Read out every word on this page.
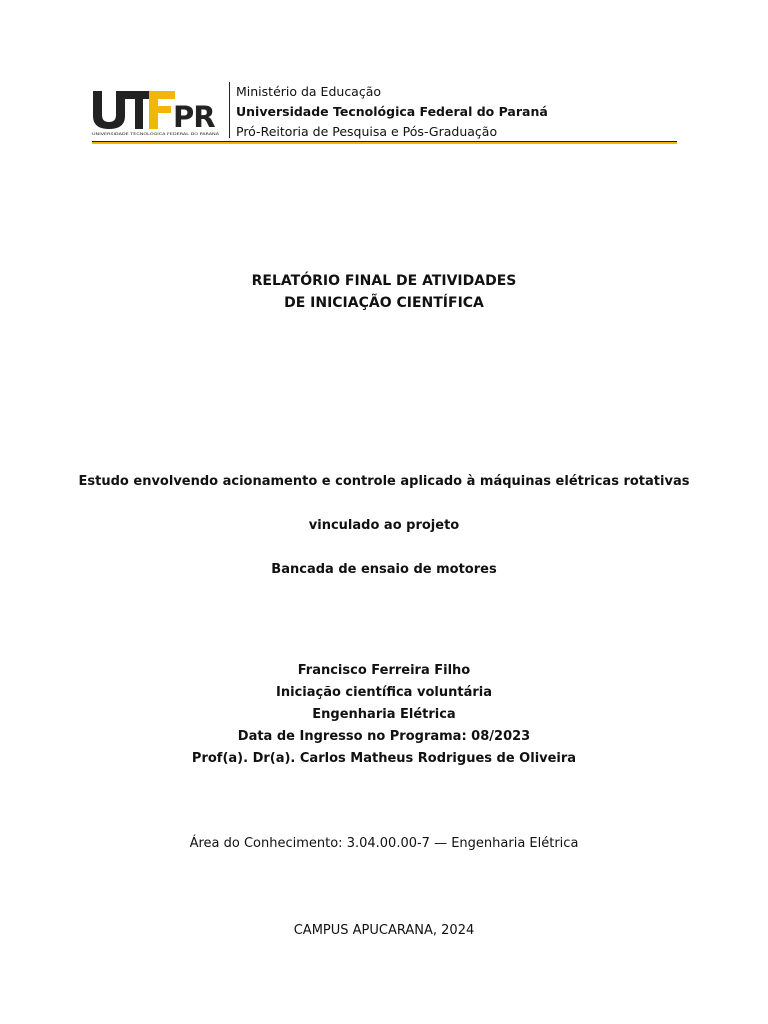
PR
UNIVERSIDADE TECNOLÓGICA FEDERAL DO PARANÁ
Ministério da Educação
Universidade Tecnológica Federal do Paraná
Pró-Reitoria de Pesquisa e Pós-Graduação
RELATÓRIO FINAL DE ATIVIDADES
DE INICIAÇÃO CIENTÍFICA
Estudo envolvendo acionamento e controle aplicado à máquinas elétricas rotativas
vinculado ao projeto
Bancada de ensaio de motores
Francisco Ferreira Filho
Iniciação científica voluntária
Engenharia Elétrica
Data de Ingresso no Programa: 08/2023
Prof(a). Dr(a). Carlos Matheus Rodrigues de Oliveira
Área do Conhecimento: 3.04.00.00-7 — Engenharia Elétrica
CAMPUS APUCARANA, 2024
